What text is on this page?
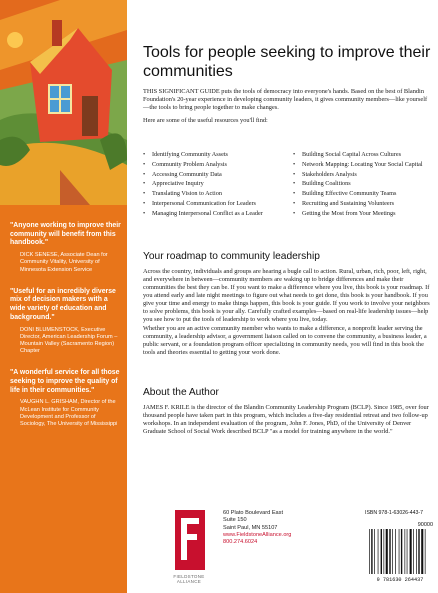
"Anyone working to improve their community will benefit from this handbook."
DICK SENESE, Associate Dean for Community Vitality, University of Minnesota Extension Service
"Useful for an incredibly diverse mix of decision makers with a wide variety of education and background."
DONI BLUMENSTOCK, Executive Director, American Leadership Forum – Mountain Valley (Sacramento Region) Chapter
"A wonderful service for all those seeking to improve the quality of life in their communities."
VAUGHN L. GRISHAM, Director of the McLean Institute for Community Development and Professor of Sociology, The University of Mississippi
Tools for people seeking to improve their communities

THIS SIGNIFICANT GUIDE puts the tools of democracy into everyone's hands. Based on the best of Blandin Foundation's 20-year experience in developing community leaders, it gives community members—like yourself—the tools to bring people together to make changes.

Here are some of the useful resources you'll find:

• Identifying Community Assets
• Community Problem Analysis
• Accessing Community Data
• Appreciative Inquiry
• Translating Vision to Action
• Interpersonal Communication for Leaders
• Managing Interpersonal Conflict as a Leader
• Building Social Capital Across Cultures
• Network Mapping: Locating Your Social Capital
• Stakeholders Analysis
• Building Coalitions
• Building Effective Community Teams
• Recruiting and Sustaining Volunteers
• Getting the Most from Your Meetings
Your roadmap to community leadership

Across the country, individuals and groups are hearing a bugle call to action. Rural, urban, rich, poor, left, right, and everywhere in between—community members are waking up to bridge differences and make their communities the best they can be. If you want to make a difference where you live, this book is your roadmap. If you attend early and late night meetings to figure out what needs to get done, this book is your handbook. If you give your time and energy to make things happen, this book is your guide. If you work to involve your neighbors to solve problems, this book is your ally. Carefully crafted examples—based on real-life leadership issues—help you see how to put the tools of leadership to work where you live, today.

Whether you are an active community member who wants to make a difference, a nonprofit leader serving the community, a leadership advisor, a government liaison called on to convene the community, a business leader, a public servant, or a foundation program officer specializing in community needs, you will find in this book the tools and theories essential to getting your work done.

About the Author

JAMES F. KRILE is the director of the Blandin Community Leadership Program (BCLP). Since 1985, over four thousand people have taken part in this program, which includes a five-day residential retreat and two follow-up workshops. In an independent evaluation of the program, John F. Jones, PhD, of the University of Denver Graduate School of Social Work described BCLP "as a model for training anywhere in the world."

FIELDSTONE
ALLIANCE
60 Plato Boulevard East
Suite 150
Saint Paul, MN 55107
www.FieldstoneAlliance.org
800.274.6024
ISBN 978-1-63026-443-7
90000
9 781630 264437
